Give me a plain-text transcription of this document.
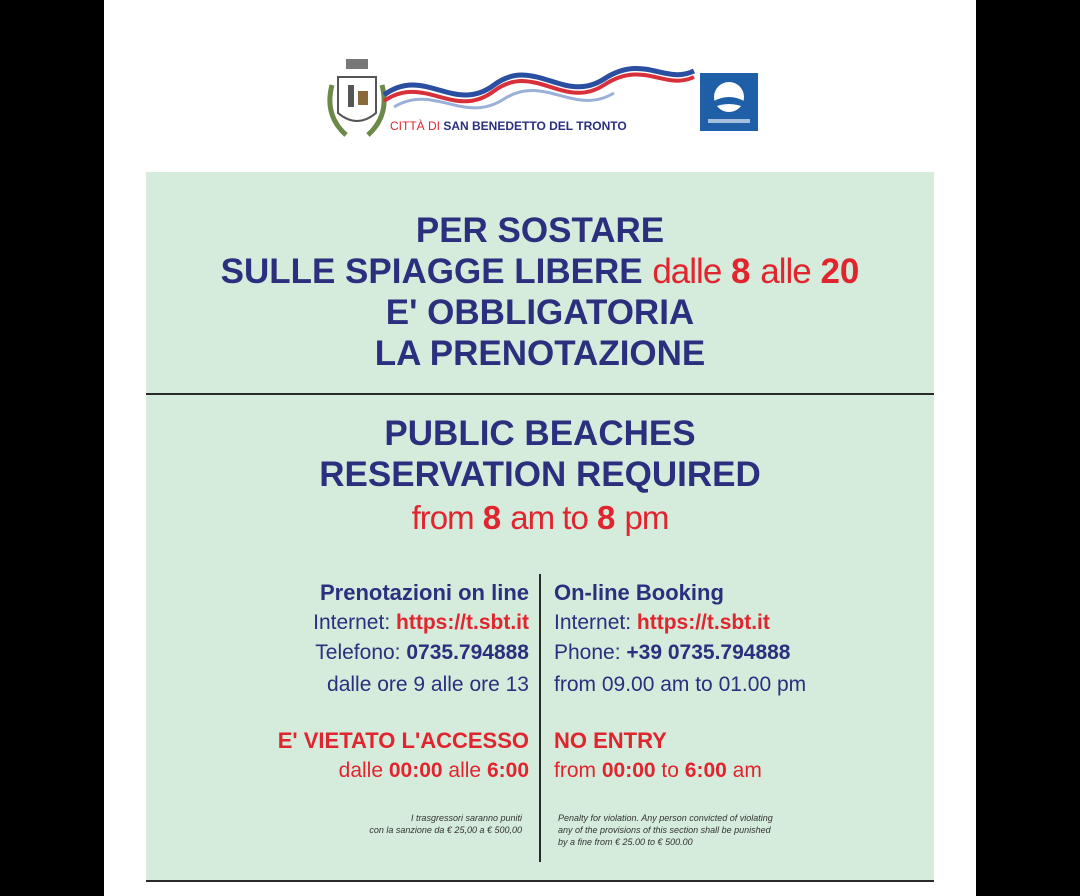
CITTÀ DI SAN BENEDETTO DEL TRONTO
PER SOSTARE
SULLE SPIAGGE LIBERE dalle 8 alle 20
E' OBBLIGATORIA
LA PRENOTAZIONE
PUBLIC BEACHES
RESERVATION REQUIRED
from 8 am to 8 pm
Prenotazioni on line
Internet: https://t.sbt.it
Telefono: 0735.794888
dalle ore 9 alle ore 13
On-line Booking
Internet: https://t.sbt.it
Phone: +39 0735.794888
from 09.00 am to 01.00 pm
E' VIETATO L'ACCESSO
dalle 00:00 alle 6:00
NO ENTRY
from 00:00 to 6:00 am
I trasgressori saranno puniti
con la sanzione da € 25,00 a € 500,00
Penalty for violation. Any person convicted of violating
any of the provisions of this section shall be punished
by a fine from € 25.00 to € 500.00
